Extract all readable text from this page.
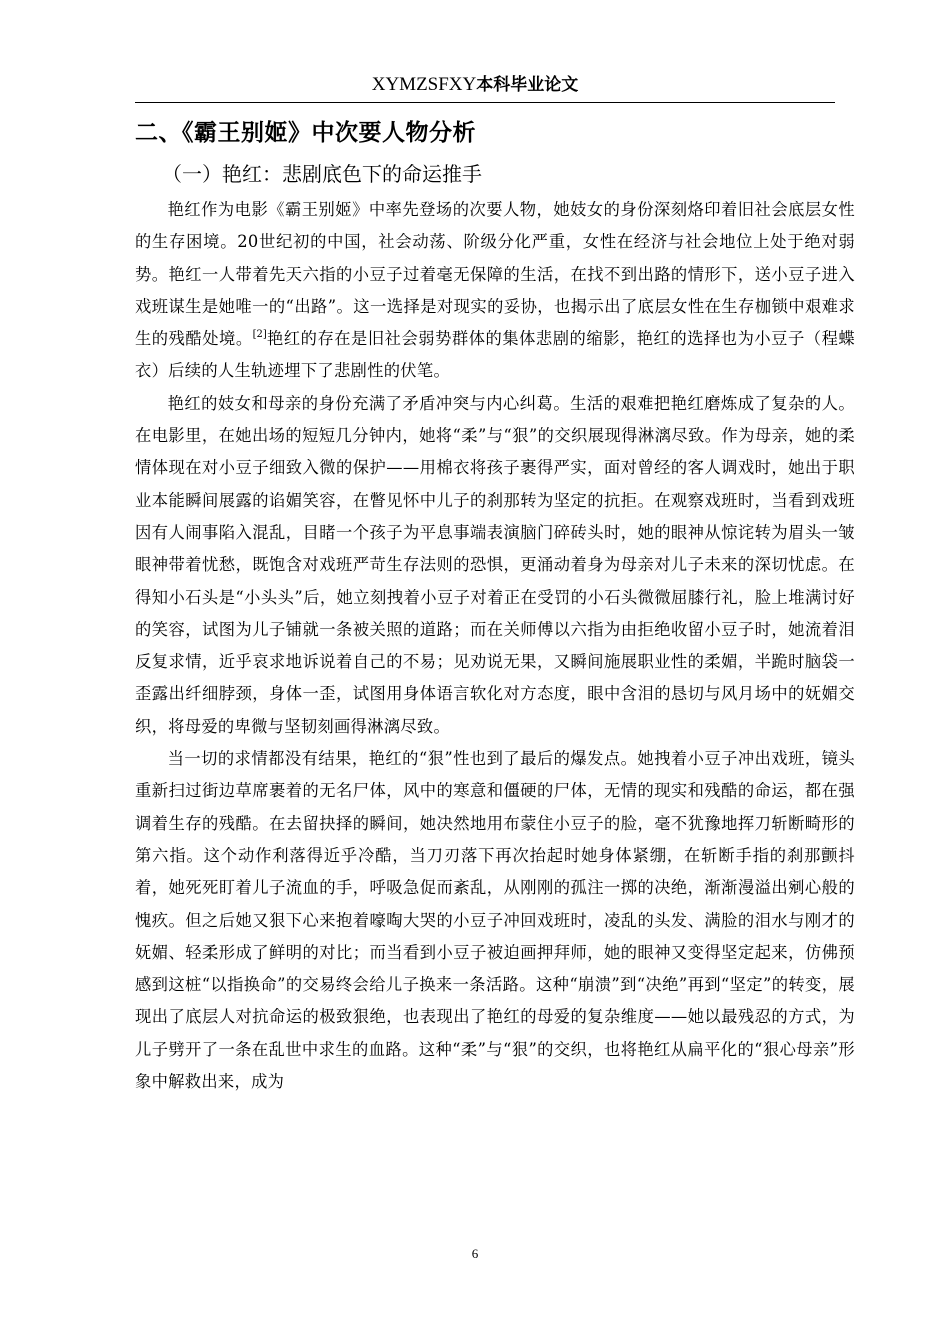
XYMZSFXY本科毕业论文
二、《霸王别姬》中次要人物分析
（一）艳红：悲剧底色下的命运推手

艳红作为电影《霸王别姬》中率先登场的次要人物，她妓女的身份深刻烙印着旧社会底层女性的生存困境。20世纪初的中国，社会动荡、阶级分化严重，女性在经济与社会地位上处于绝对弱势。艳红一人带着先天六指的小豆子过着毫无保障的生活，在找不到出路的情形下，送小豆子进入戏班谋生是她唯一的“出路”。这一选择是对现实的妥协，也揭示出了底层女性在生存枷锁中艰难求生的残酷处境。[2]艳红的存在是旧社会弱势群体的集体悲剧的缩影，艳红的选择也为小豆子（程蝶衣）后续的人生轨迹埋下了悲剧性的伏笔。

艳红的妓女和母亲的身份充满了矛盾冲突与内心纠葛。生活的艰难把艳红磨炼成了复杂的人。在电影里，在她出场的短短几分钟内，她将“柔”与“狠”的交织展现得淋漓尽致。作为母亲，她的柔情体现在对小豆子细致入微的保护——用棉衣将孩子裹得严实，面对曾经的客人调戏时，她出于职业本能瞬间展露的谄媚笑容，在瞥见怀中儿子的刹那转为坚定的抗拒。在观察戏班时，当看到戏班因有人闹事陷入混乱，目睹一个孩子为平息事端表演脑门碎砖头时，她的眼神从惊诧转为眉头一皱眼神带着忧愁，既饱含对戏班严苛生存法则的恐惧，更涌动着身为母亲对儿子未来的深切忧虑。在得知小石头是“小头头”后，她立刻拽着小豆子对着正在受罚的小石头微微屈膝行礼，脸上堆满讨好的笑容，试图为儿子铺就一条被关照的道路；而在关师傅以六指为由拒绝收留小豆子时，她流着泪反复求情，近乎哀求地诉说着自己的不易；见劝说无果，又瞬间施展职业性的柔媚，半跪时脑袋一歪露出纤细脖颈，身体一歪，试图用身体语言软化对方态度，眼中含泪的恳切与风月场中的妩媚交织，将母爱的卑微与坚韧刻画得淋漓尽致。

当一切的求情都没有结果，艳红的“狠”性也到了最后的爆发点。她拽着小豆子冲出戏班，镜头重新扫过街边草席裹着的无名尸体，风中的寒意和僵硬的尸体，无情的现实和残酷的命运，都在强调着生存的残酷。在去留抉择的瞬间，她决然地用布蒙住小豆子的脸，毫不犹豫地挥刀斩断畸形的第六指。这个动作利落得近乎冷酷，当刀刃落下再次抬起时她身体紧绷，在斩断手指的刹那颤抖着，她死死盯着儿子流血的手，呼吸急促而紊乱，从刚刚的孤注一掷的决绝，渐渐漫溢出剜心般的愧疚。但之后她又狠下心来抱着嚎啕大哭的小豆子冲回戏班时，凌乱的头发、满脸的泪水与刚才的妩媚、轻柔形成了鲜明的对比；而当看到小豆子被迫画押拜师，她的眼神又变得坚定起来，仿佛预感到这桩“以指换命”的交易终会给儿子换来一条活路。这种“崩溃”到“决绝”再到“坚定”的转变，展现出了底层人对抗命运的极致狠绝，也表现出了艳红的母爱的复杂维度——她以最残忍的方式，为儿子劈开了一条在乱世中求生的血路。这种“柔”与“狠”的交织，也将艳红从扁平化的“狠心母亲”形象中解救出来，成为

6
